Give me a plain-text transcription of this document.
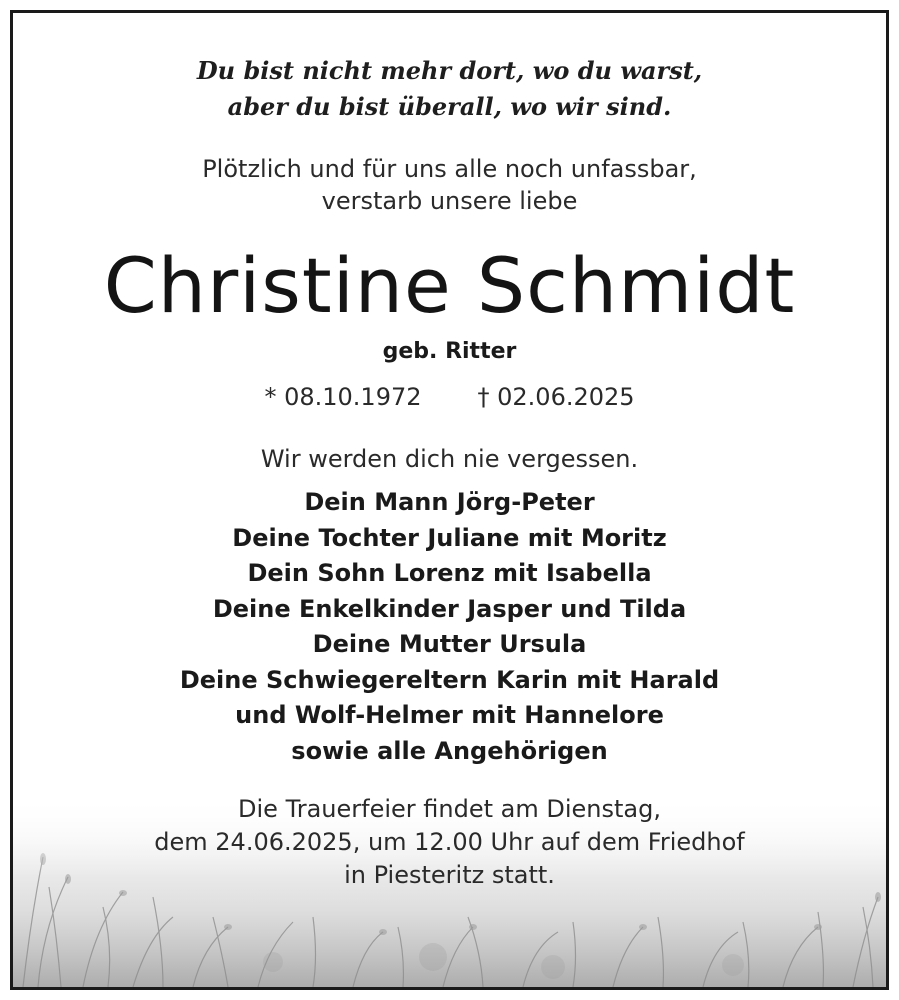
Du bist nicht mehr dort, wo du warst,
aber du bist überall, wo wir sind.
Plötzlich und für uns alle noch unfassbar,
verstarb unsere liebe
Christine Schmidt
geb. Ritter
* 08.10.1972 † 02.06.2025
Wir werden dich nie vergessen.
Dein Mann Jörg-Peter
Deine Tochter Juliane mit Moritz
Dein Sohn Lorenz mit Isabella
Deine Enkelkinder Jasper und Tilda
Deine Mutter Ursula
Deine Schwiegereltern Karin mit Harald
und Wolf-Helmer mit Hannelore
sowie alle Angehörigen
Die Trauerfeier findet am Dienstag,
dem 24.06.2025, um 12.00 Uhr auf dem Friedhof
in Piesteritz statt.
